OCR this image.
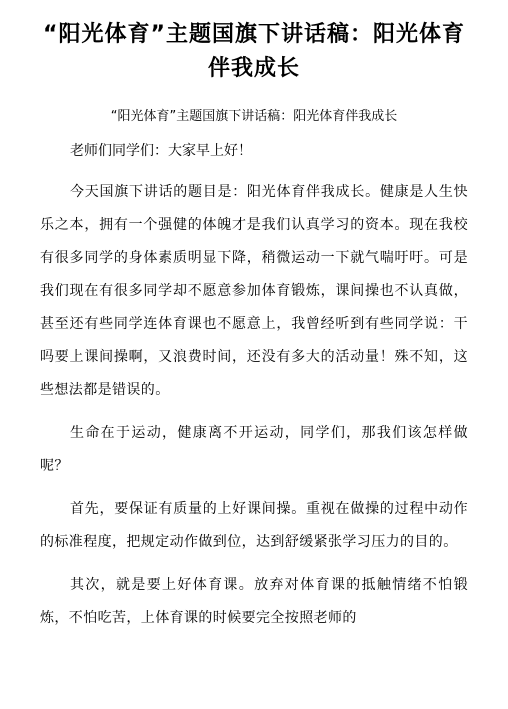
“阳光体育”主题国旗下讲话稿：阳光体育 伴我成长

“阳光体育”主题国旗下讲话稿：阳光体育伴我成长

老师们同学们：大家早上好！

今天国旗下讲话的题目是：阳光体育伴我成长。健康是人生快乐之本，拥有一个强健的体魄才是我们认真学习的资本。现在我校有很多同学的身体素质明显下降，稍微运动一下就气喘吁吁。可是我们现在有很多同学却不愿意参加体育锻炼，课间操也不认真做，甚至还有些同学连体育课也不愿意上，我曾经听到有些同学说：干吗要上课间操啊，又浪费时间，还没有多大的活动量！殊不知，这些想法都是错误的。

生命在于运动，健康离不开运动，同学们，那我们该怎样做呢？

首先，要保证有质量的上好课间操。重视在做操的过程中动作的标准程度，把规定动作做到位，达到舒缓紧张学习压力的目的。

其次，就是要上好体育课。放弃对体育课的抵触情绪不怕锻炼，不怕吃苦，上体育课的时候要完全按照老师的
